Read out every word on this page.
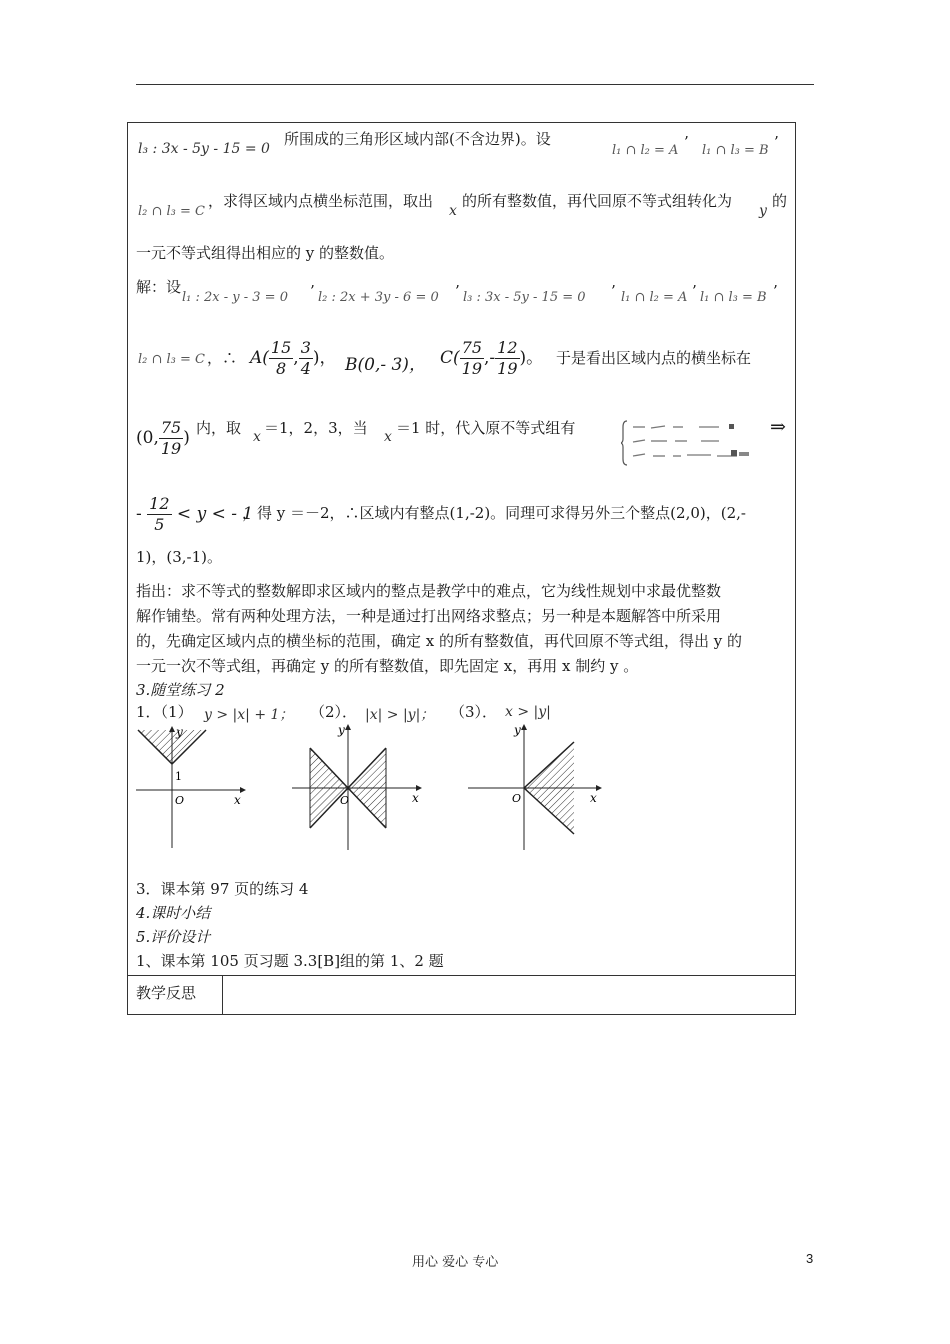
l₃ : 3x - 5y - 15 = 0
所围成的三角形区域内部(不含边界)。设
l₁ ∩ l₂ = A ’ l₁ ∩ l₃ = B ’
l₂ ∩ l₃ = C
，求得区域内点横坐标范围，取出
x
的所有整数值，再代回原不等式组转化为
y
的
一元不等式组得出相应的 y 的整数值。
解：设
l₁ : 2x - y - 3 = 0 ’ l₂ : 2x + 3y - 6 = 0 ’ l₃ : 3x - 5y - 15 = 0 ’ l₁ ∩ l₂ = A ’ l₁ ∩ l₃ = B ’
l₂ ∩ l₃ = C ，∴ $A( \frac{15}{8}$ , $\frac{3}{4}$ )， B(0,- 3)， $C( \frac{75}{19}$ ,- $\frac{12}{19}$ )。 于是看出区域内点的横坐标在
(0, $\frac{75}{19}$ ) 内，取 x ＝1，2，3，当 x ＝1 时，代入原不等式组有	⇒
- $\frac{12}{5} < y$ < - 1
，得 y ＝－2，∴区域内有整点(1,-2)。同理可求得另外三个整点(2,0)，(2,-
1)，(3,-1)。
指出：求不等式的整数解即求区域内的整点是教学中的难点，它为线性规划中求最优整数
解作铺垫。常有两种处理方法，一种是通过打出网络求整点；另一种是本题解答中所采用
的，先确定区域内点的横坐标的范围，确定 x 的所有整数值，再代回原不等式组，得出 y 的
一元一次不等式组，再确定 y 的所有整数值，即先固定 x，再用 x 制约 y 。
3.随堂练习 2
1．（1） y > |x| + 1； （2）． |x| > |y|； （3）． x > |y|
y
x
O
1
y
x
O
y
x
O
3．课本第 97 页的练习 4
4.课时小结
5.评价设计
1、课本第 105 页习题 3.3[B]组的第 1、2 题
教学反思
用心 爱心 专心	3
